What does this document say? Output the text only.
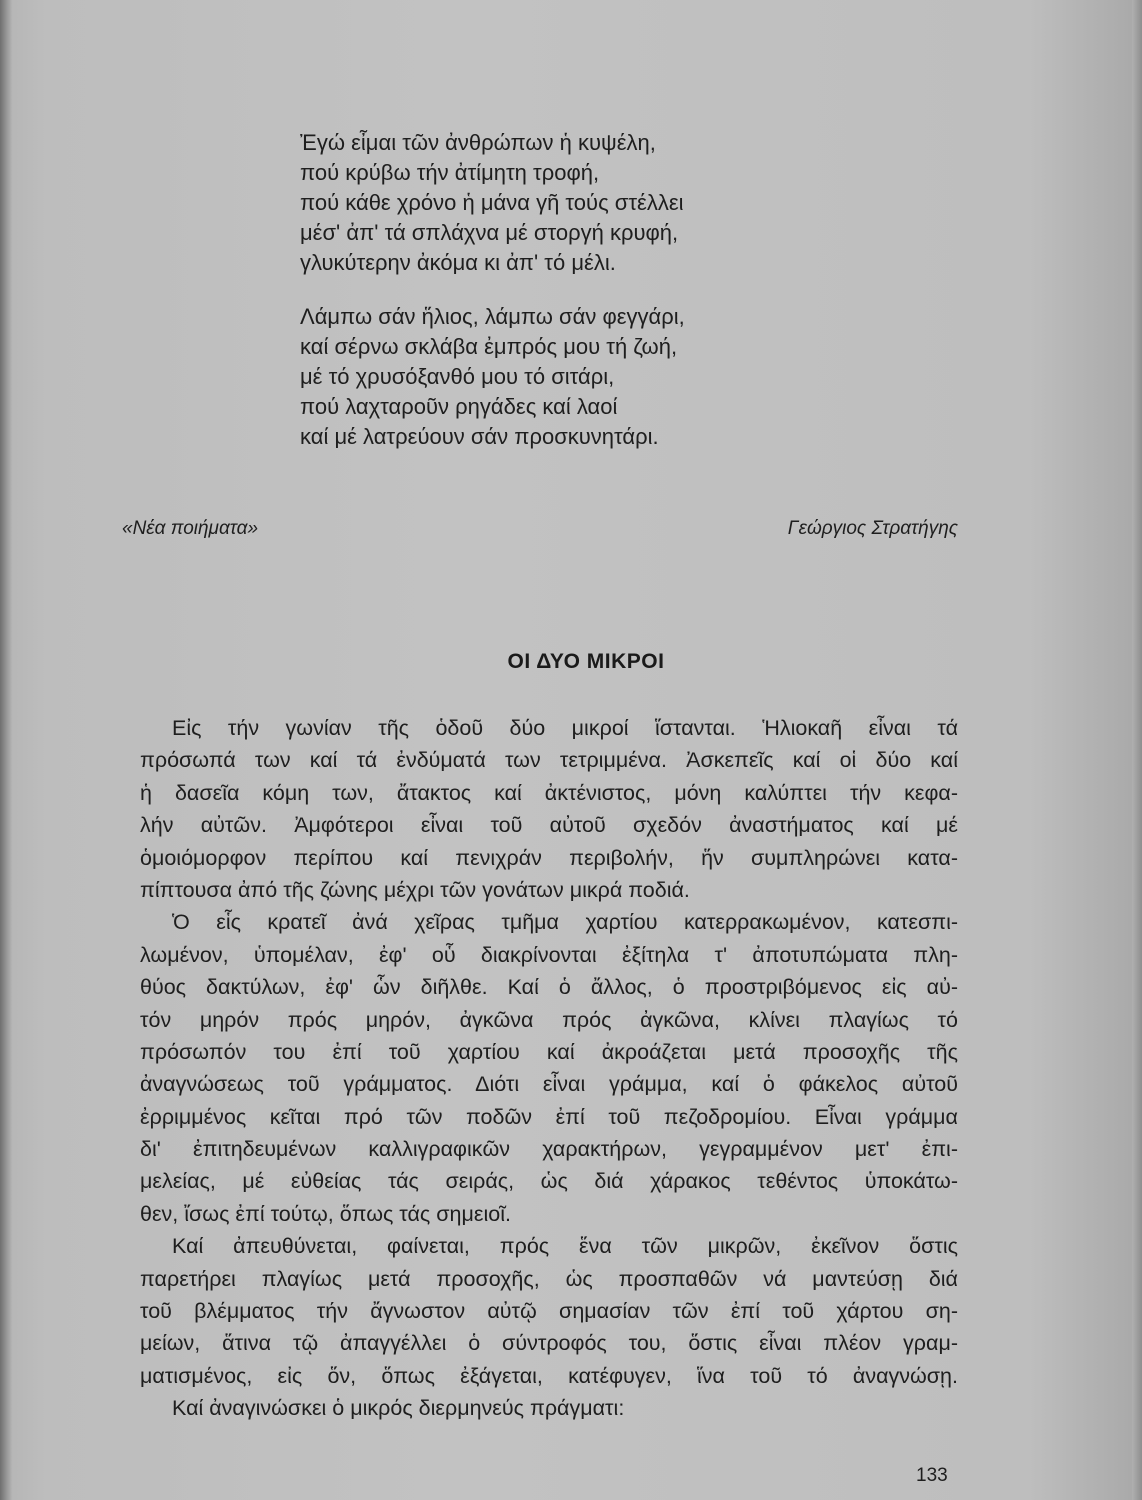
Ἐγώ εἶμαι τῶν ἀνθρώπων ἡ κυψέλη,
πού κρύβω τήν ἀτίμητη τροφή,
πού κάθε χρόνο ἡ μάνα γῆ τούς στέλλει
μέσ' ἀπ' τά σπλάχνα μέ στοργή κρυφή,
γλυκύτερην ἀκόμα κι ἀπ' τό μέλι.
Λάμπω σάν ἥλιος, λάμπω σάν φεγγάρι,
καί σέρνω σκλάβα ἐμπρός μου τή ζωή,
μέ τό χρυσόξανθό μου τό σιτάρι,
πού λαχταροῦν ρηγάδες καί λαοί
καί μέ λατρεύουν σάν προσκυνητάρι.
«Νέα ποιήματα»	Γεώργιος Στρατήγης
ΟΙ ΔΥΟ ΜΙΚΡΟΙ
Εἰς τήν γωνίαν τῆς ὁδοῦ δύο μικροί ἵστανται. Ἡλιοκαῆ εἶναι τά
πρόσωπά των καί τά ἐνδύματά των τετριμμένα. Ἀσκεπεῖς καί οἱ δύο καί
ἡ δασεῖα κόμη των, ἄτακτος καί ἀκτένιστος, μόνη καλύπτει τήν κεφα-
λήν αὐτῶν. Ἀμφότεροι εἶναι τοῦ αὐτοῦ σχεδόν ἀναστήματος καί μέ
ὁμοιόμορφον περίπου καί πενιχράν περιβολήν, ἥν συμπληρώνει κατα-
πίπτουσα ἀπό τῆς ζώνης μέχρι τῶν γονάτων μικρά ποδιά.
Ὁ εἷς κρατεῖ ἀνά χεῖρας τμῆμα χαρτίου κατερρακωμένον, κατεσπι-
λωμένον, ὑπομέλαν, ἐφ' οὗ διακρίνονται ἐξίτηλα τ' ἀποτυπώματα πλη-
θύος δακτύλων, ἐφ' ὧν διῆλθε. Καί ὁ ἄλλος, ὁ προστριβόμενος εἰς αὐ-
τόν μηρόν πρός μηρόν, ἀγκῶνα πρός ἀγκῶνα, κλίνει πλαγίως τό
πρόσωπόν του ἐπί τοῦ χαρτίου καί ἀκροάζεται μετά προσοχῆς τῆς
ἀναγνώσεως τοῦ γράμματος. Διότι εἶναι γράμμα, καί ὁ φάκελος αὐτοῦ
ἐρριμμένος κεῖται πρό τῶν ποδῶν ἐπί τοῦ πεζοδρομίου. Εἶναι γράμμα
δι' ἐπιτηδευμένων καλλιγραφικῶν χαρακτήρων, γεγραμμένον μετ' ἐπι-
μελείας, μέ εὐθείας τάς σειράς, ὡς διά χάρακος τεθέντος ὑποκάτω-
θεν, ἴσως ἐπί τούτῳ, ὅπως τάς σημειοῖ.
Καί ἀπευθύνεται, φαίνεται, πρός ἕνα τῶν μικρῶν, ἐκεῖνον ὅστις
παρετήρει πλαγίως μετά προσοχῆς, ὡς προσπαθῶν νά μαντεύσῃ διά
τοῦ βλέμματος τήν ἄγνωστον αὐτῷ σημασίαν τῶν ἐπί τοῦ χάρτου ση-
μείων, ἅτινα τῷ ἀπαγγέλλει ὁ σύντροφός του, ὅστις εἶναι πλέον γραμ-
ματισμένος, εἰς ὅν, ὅπως ἐξάγεται, κατέφυγεν, ἵνα τοῦ τό ἀναγνώσῃ.
Καί ἀναγινώσκει ὁ μικρός διερμηνεύς πράγματι:
133
